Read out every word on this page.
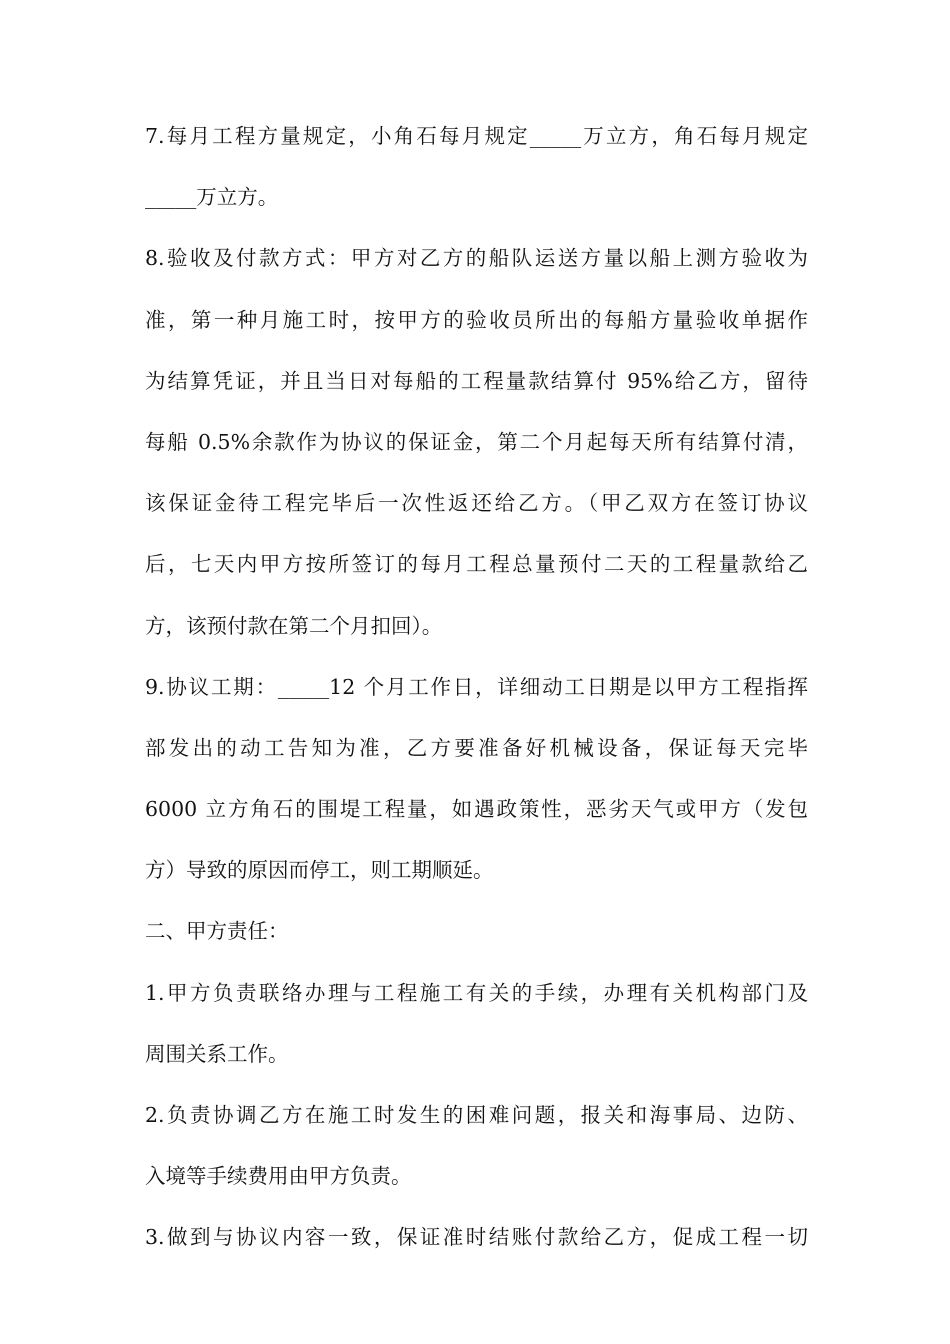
7.每月工程方量规定，小角石每月规定_____万立方，角石每月规定
_____万立方。
8.验收及付款方式：甲方对乙方的船队运送方量以船上测方验收为
准，第一种月施工时，按甲方的验收员所出的每船方量验收单据作
为结算凭证，并且当日对每船的工程量款结算付 95%给乙方，留待
每船 0.5%余款作为协议的保证金，第二个月起每天所有结算付清，
该保证金待工程完毕后一次性返还给乙方。（甲乙双方在签订协议
后，七天内甲方按所签订的每月工程总量预付二天的工程量款给乙
方，该预付款在第二个月扣回）。
9.协议工期：_____12 个月工作日，详细动工日期是以甲方工程指挥
部发出的动工告知为准，乙方要准备好机械设备，保证每天完毕
6000 立方角石的围堤工程量，如遇政策性，恶劣天气或甲方（发包
方）导致的原因而停工，则工期顺延。
二、甲方责任：
1.甲方负责联络办理与工程施工有关的手续，办理有关机构部门及
周围关系工作。
2.负责协调乙方在施工时发生的困难问题，报关和海事局、边防、
入境等手续费用由甲方负责。
3.做到与协议内容一致，保证准时结账付款给乙方，促成工程一切
